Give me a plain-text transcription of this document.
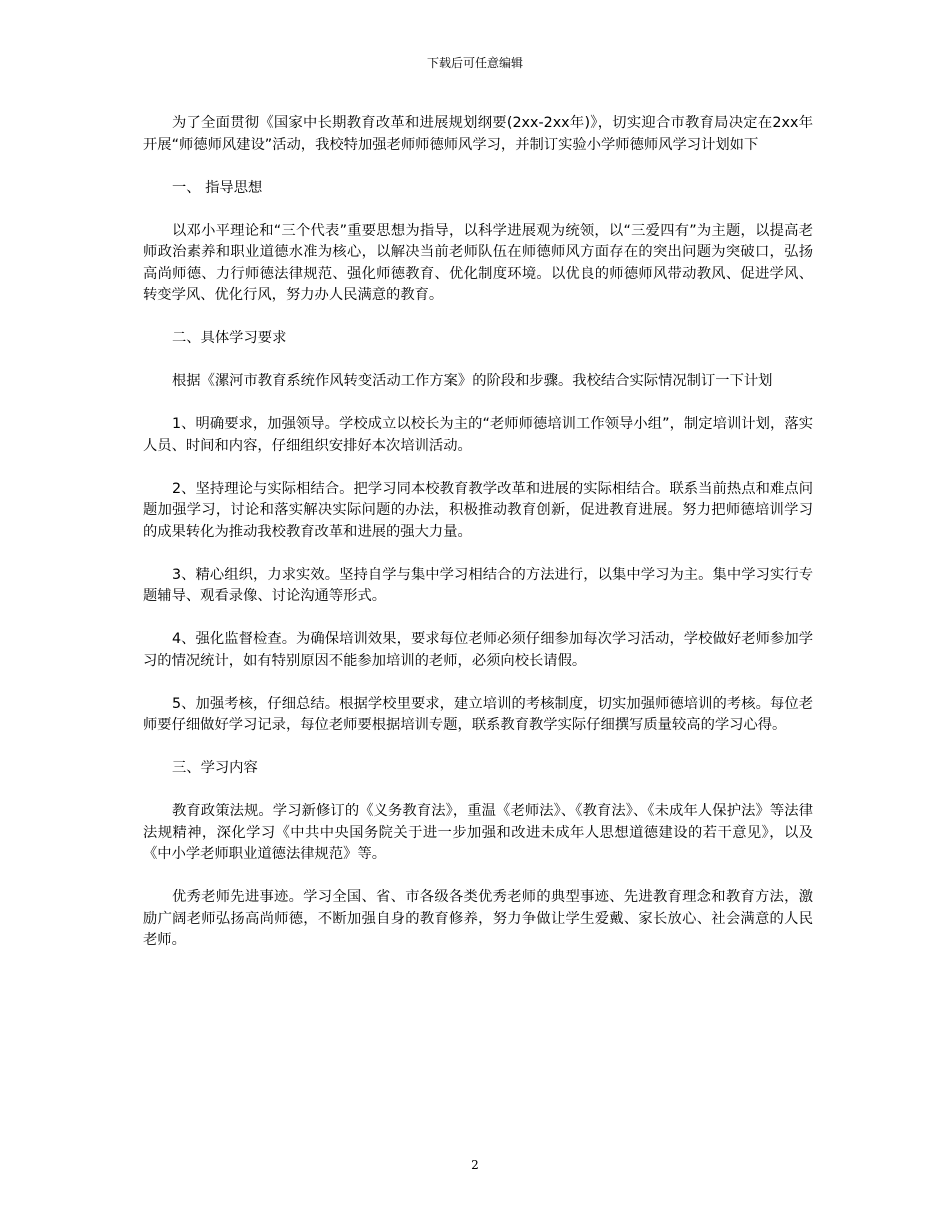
下载后可任意编辑

为了全面贯彻《国家中长期教育改革和进展规划纲要(2xx-2xx年)》，切实迎合市教育局决定在2xx年开展“师德师风建设”活动，我校特加强老师师德师风学习，并制订实验小学师德师风学习计划如下

一、 指导思想

以邓小平理论和“三个代表”重要思想为指导，以科学进展观为统领，以“三爱四有”为主题，以提高老师政治素养和职业道德水准为核心，以解决当前老师队伍在师德师风方面存在的突出问题为突破口，弘扬高尚师德、力行师德法律规范、强化师德教育、优化制度环境。以优良的师德师风带动教风、促进学风、转变学风、优化行风，努力办人民满意的教育。

二、具体学习要求

根据《漯河市教育系统作风转变活动工作方案》的阶段和步骤。我校结合实际情况制订一下计划

1、明确要求，加强领导。学校成立以校长为主的“老师师德培训工作领导小组”，制定培训计划，落实人员、时间和内容，仔细组织安排好本次培训活动。

2、坚持理论与实际相结合。把学习同本校教育教学改革和进展的实际相结合。联系当前热点和难点问题加强学习，讨论和落实解决实际问题的办法，积极推动教育创新，促进教育进展。努力把师德培训学习的成果转化为推动我校教育改革和进展的强大力量。

3、精心组织，力求实效。坚持自学与集中学习相结合的方法进行，以集中学习为主。集中学习实行专题辅导、观看录像、讨论沟通等形式。

4、强化监督检查。为确保培训效果，要求每位老师必须仔细参加每次学习活动，学校做好老师参加学习的情况统计，如有特别原因不能参加培训的老师，必须向校长请假。

5、加强考核，仔细总结。根据学校里要求，建立培训的考核制度，切实加强师德培训的考核。每位老师要仔细做好学习记录，每位老师要根据培训专题，联系教育教学实际仔细撰写质量较高的学习心得。

三、学习内容

教育政策法规。学习新修订的《义务教育法》，重温《老师法》、《教育法》、《未成年人保护法》等法律法规精神，深化学习《中共中央国务院关于进一步加强和改进未成年人思想道德建设的若干意见》，以及《中小学老师职业道德法律规范》等。

优秀老师先进事迹。学习全国、省、市各级各类优秀老师的典型事迹、先进教育理念和教育方法，激励广阔老师弘扬高尚师德，不断加强自身的教育修养，努力争做让学生爱戴、家长放心、社会满意的人民老师。

2
